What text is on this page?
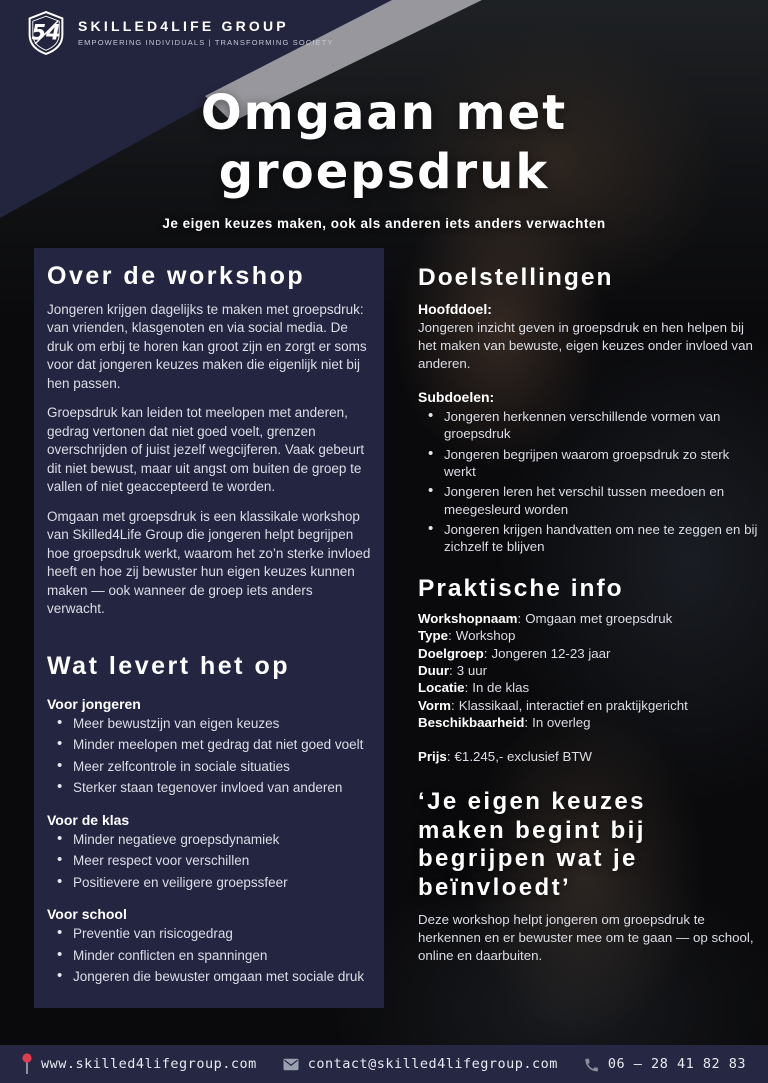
54 SKILLED4LIFE GROUP
EMPOWERING INDIVIDUALS | TRANSFORMING SOCIETY
Omgaan met
groepsdruk
Je eigen keuzes maken, ook als anderen iets anders verwachten
Over de workshop

Jongeren krijgen dagelijks te maken met groepsdruk: van vrienden, klasgenoten en via social media. De druk om erbij te horen kan groot zijn en zorgt er soms voor dat jongeren keuzes maken die eigenlijk niet bij hen passen.

Groepsdruk kan leiden tot meelopen met anderen, gedrag vertonen dat niet goed voelt, grenzen overschrijden of juist jezelf wegcijferen. Vaak gebeurt dit niet bewust, maar uit angst om buiten de groep te vallen of niet geaccepteerd te worden.

Omgaan met groepsdruk is een klassikale workshop van Skilled4Life Group die jongeren helpt begrijpen hoe groepsdruk werkt, waarom het zo’n sterke invloed heeft en hoe zij bewuster hun eigen keuzes kunnen maken — ook wanneer de groep iets anders verwacht.

Wat levert het op
Voor jongeren
• Meer bewustzijn van eigen keuzes
• Minder meelopen met gedrag dat niet goed voelt
• Meer zelfcontrole in sociale situaties
• Sterker staan tegenover invloed van anderen
Voor de klas
• Minder negatieve groepsdynamiek
• Meer respect voor verschillen
• Positievere en veiligere groepssfeer
Voor school
• Preventie van risicogedrag
• Minder conflicten en spanningen
• Jongeren die bewuster omgaan met sociale druk
Doelstellingen
Hoofddoel:
Jongeren inzicht geven in groepsdruk en hen helpen bij het maken van bewuste, eigen keuzes onder invloed van anderen.
Subdoelen:
• Jongeren herkennen verschillende vormen van groepsdruk
• Jongeren begrijpen waarom groepsdruk zo sterk werkt
• Jongeren leren het verschil tussen meedoen en meegesleurd worden
• Jongeren krijgen handvatten om nee te zeggen en bij zichzelf te blijven
Praktische info
Workshopnaam: Omgaan met groepsdruk
Type: Workshop
Doelgroep: Jongeren 12-23 jaar
Duur: 3 uur
Locatie: In de klas
Vorm: Klassikaal, interactief en praktijkgericht
Beschikbaarheid: In overleg
Prijs: €1.245,- exclusief BTW
‘Je eigen keuzes
maken begint bij
begrijpen wat je
beïnvloedt’
Deze workshop helpt jongeren om groepsdruk te herkennen en er bewuster mee om te gaan — op school, online en daarbuiten.
www.skilled4lifegroup.com	contact@skilled4lifegroup.com	06 – 28 41 82 83
